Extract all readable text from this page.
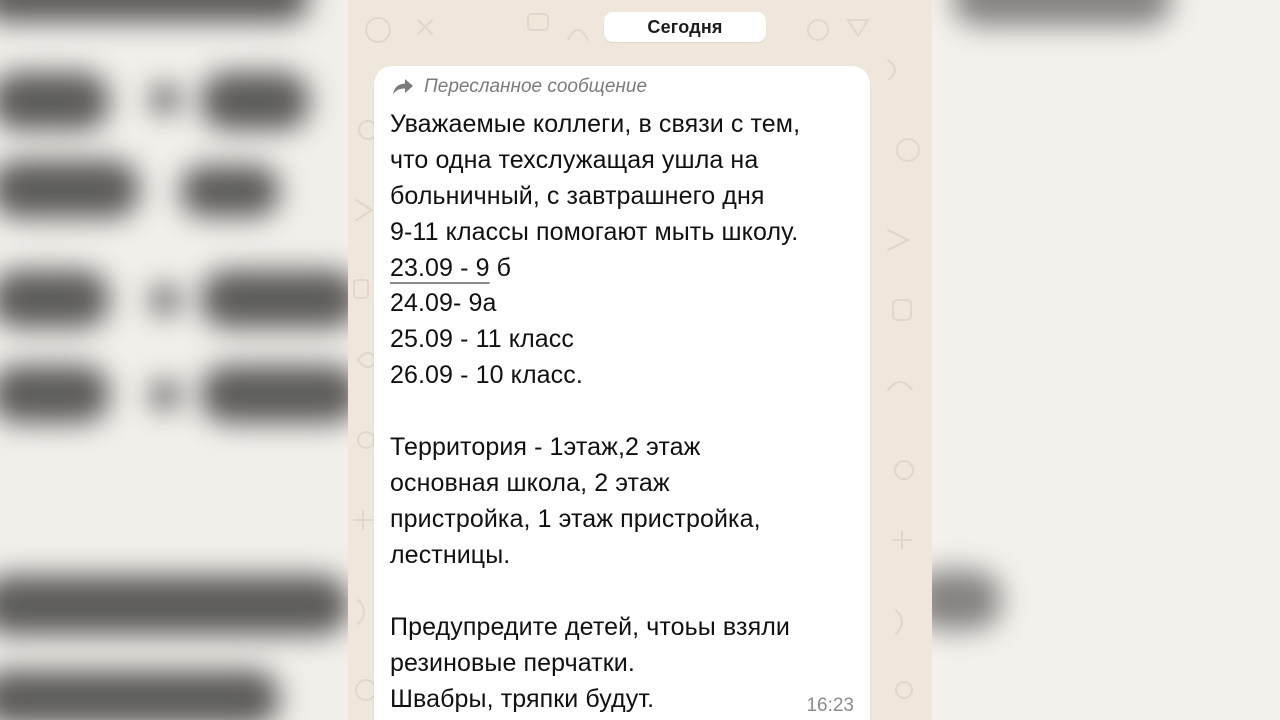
Сегодня
Пересланное сообщение
Уважаемые коллеги, в связи с тем,
что одна техслужащая ушла на
больничный, с завтрашнего дня
9-11 классы помогают мыть школу.
23.09 - 9 б
24.09- 9а
25.09 - 11 класс
26.09 - 10 класс.
Территория - 1этаж,2 этаж
основная школа, 2 этаж
пристройка, 1 этаж пристройка,
лестницы.
Предупредите детей, чтоьы взяли
резиновые перчатки.
Швабры, тряпки будут.	16:23
